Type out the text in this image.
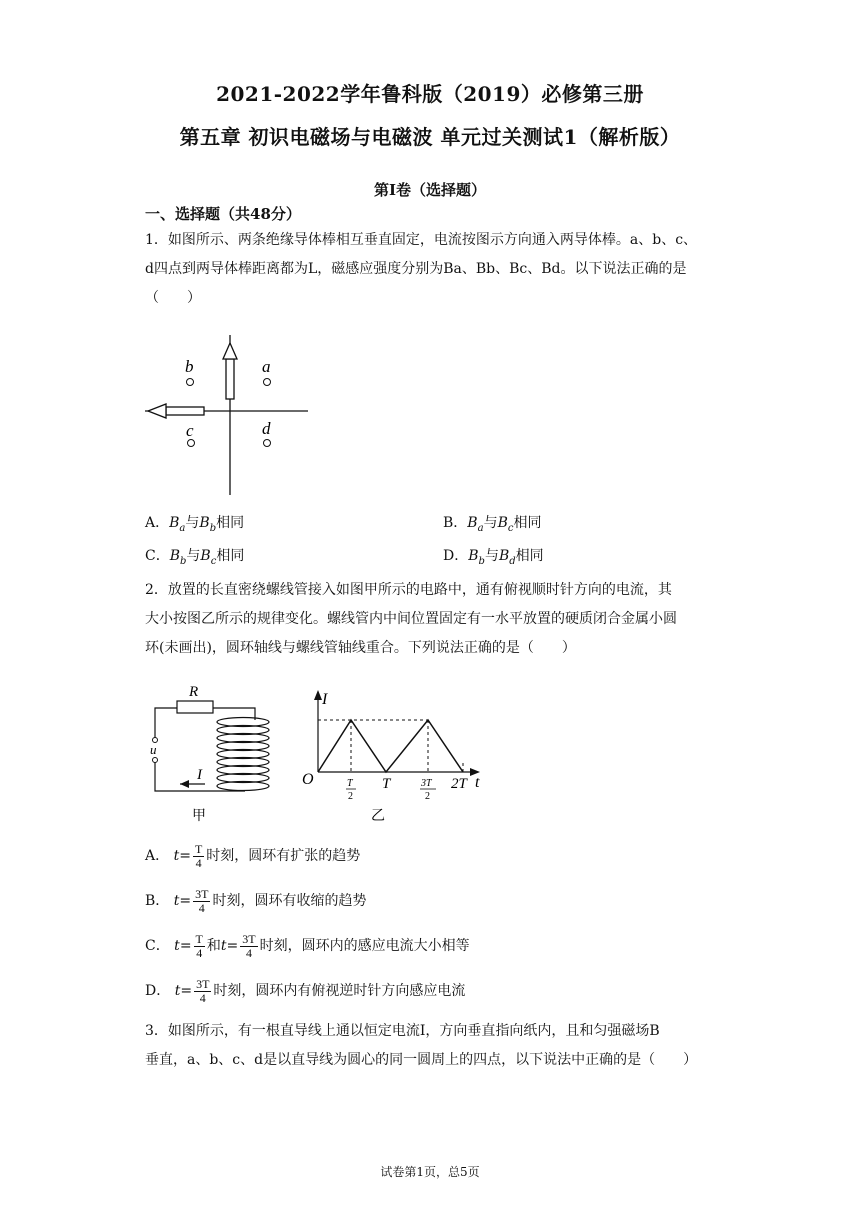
2021-2022学年鲁科版（2019）必修第三册
第五章 初识电磁场与电磁波 单元过关测试1（解析版）
第Ⅰ卷（选择题）
一、选择题（共48分）
1．如图所示、两条绝缘导体棒相互垂直固定，电流按图示方向通入两导体棒。a、b、c、
d四点到两导体棒距离都为L，磁感应强度分别为Ba、Bb、Bc、Bd。以下说法正确的是
（　　）
b	a
c	d
A．$B_a$与$B_b$相同	B．$B_a$与$B_c$相同
C．$B_b$与$B_c$相同	D．$B_b$与$B_d$相同
2．放置的长直密绕螺线管接入如图甲所示的电路中，通有俯视顺时针方向的电流，其
大小按图乙所示的规律变化。螺线管内中间位置固定有一水平放置的硬质闭合金属小圆
环(未画出)，圆环轴线与螺线管轴线重合。下列说法正确的是（　　）
R
u
I
甲
I
O	t
T
2
T	3T
2
2T
乙
A． $t= \frac{T}{4}$ 时刻，圆环有扩张的趋势
B． $t= \frac{3T}{4}$ 时刻，圆环有收缩的趋势
C． $t= \frac{T}{4}$ 和$t= \frac{3T}{4}$ 时刻，圆环内的感应电流大小相等
D． $t= \frac{3T}{4}$ 时刻，圆环内有俯视逆时针方向感应电流
3．如图所示，有一根直导线上通以恒定电流I，方向垂直指向纸内，且和匀强磁场B
垂直，a、b、c、d是以直导线为圆心的同一圆周上的四点，以下说法中正确的是（　　）
试卷第1页，总5页
